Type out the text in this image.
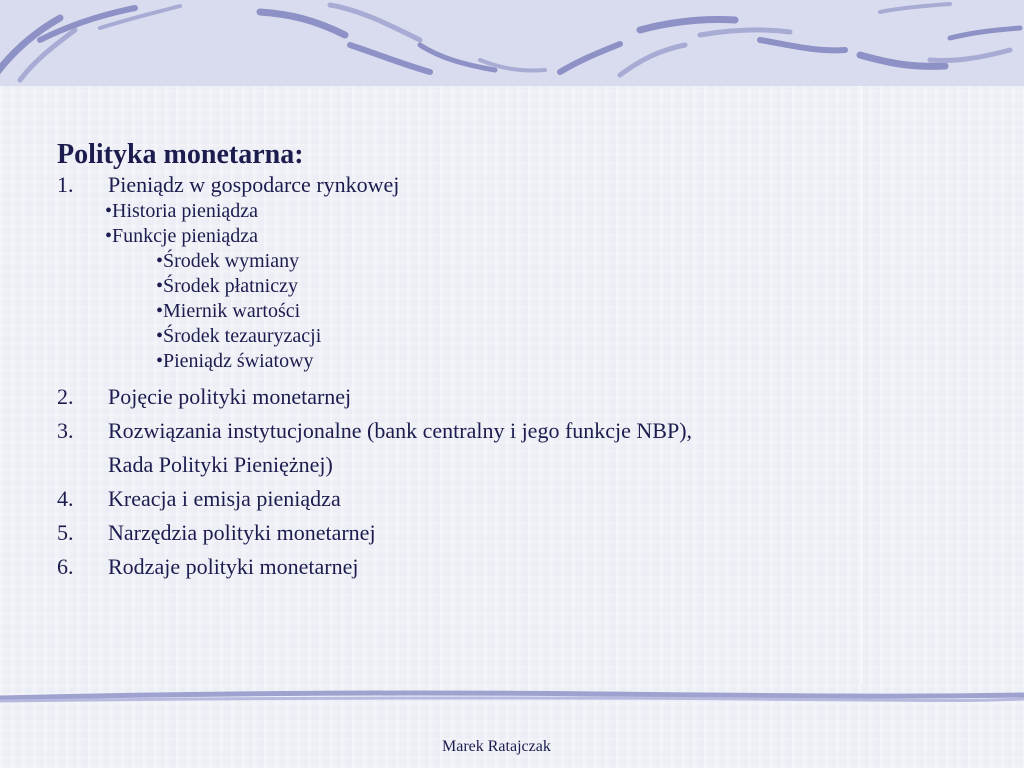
Polityka monetarna:
1. Pieniądz w gospodarce rynkowej
•Historia pieniądza
•Funkcje pieniądza
•Środek wymiany
•Środek płatniczy
•Miernik wartości
•Środek tezauryzacji
•Pieniądz światowy
2. Pojęcie polityki monetarnej
3. Rozwiązania instytucjonalne (bank centralny i jego funkcje NBP),
Rada Polityki Pieniężnej)
4. Kreacja i emisja pieniądza
5. Narzędzia polityki monetarnej
6. Rodzaje polityki monetarnej
Marek Ratajczak
